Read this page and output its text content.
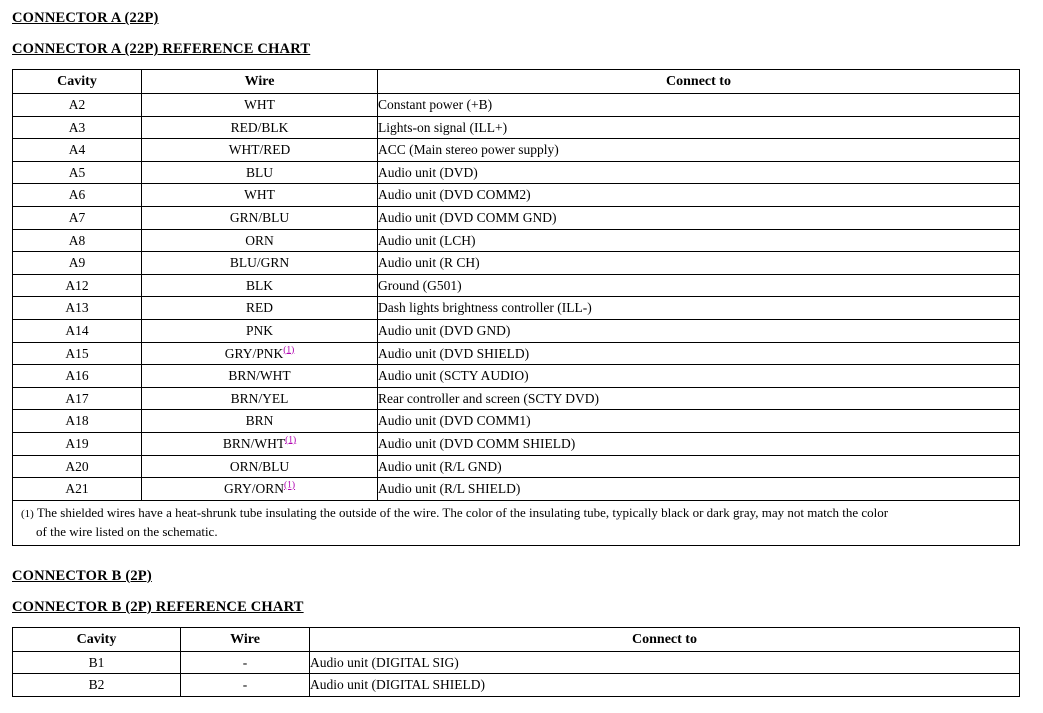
CONNECTOR A (22P)
CONNECTOR A (22P) REFERENCE CHART
Cavity	Wire	Connect to
A2	WHT	Constant power (+B)
A3	RED/BLK	Lights-on signal (ILL+)
A4	WHT/RED	ACC (Main stereo power supply)
A5	BLU	Audio unit (DVD)
A6	WHT	Audio unit (DVD COMM2)
A7	GRN/BLU	Audio unit (DVD COMM GND)
A8	ORN	Audio unit (LCH)
A9	BLU/GRN	Audio unit (R CH)
A12	BLK	Ground (G501)
A13	RED	Dash lights brightness controller (ILL-)
A14	PNK	Audio unit (DVD GND)
A15	GRY/PNK$^{(1)}$	Audio unit (DVD SHIELD)
A16	BRN/WHT	Audio unit (SCTY AUDIO)
A17	BRN/YEL	Rear controller and screen (SCTY DVD)
A18	BRN	Audio unit (DVD COMM1)
A19	BRN/WHT$^{(1)}$	Audio unit (DVD COMM SHIELD)
A20	ORN/BLU	Audio unit (R/L GND)
A21	GRY/ORN$^{(1)}$	Audio unit (R/L SHIELD)
(1) The shielded wires have a heat-shrunk tube insulating the outside of the wire. The color of the insulating tube, typically black or dark gray, may not match the color
of the wire listed on the schematic.		
CONNECTOR B (2P)
CONNECTOR B (2P) REFERENCE CHART
Cavity	Wire	Connect to
B1	-	Audio unit (DIGITAL SIG)
B2	-	Audio unit (DIGITAL SHIELD)
